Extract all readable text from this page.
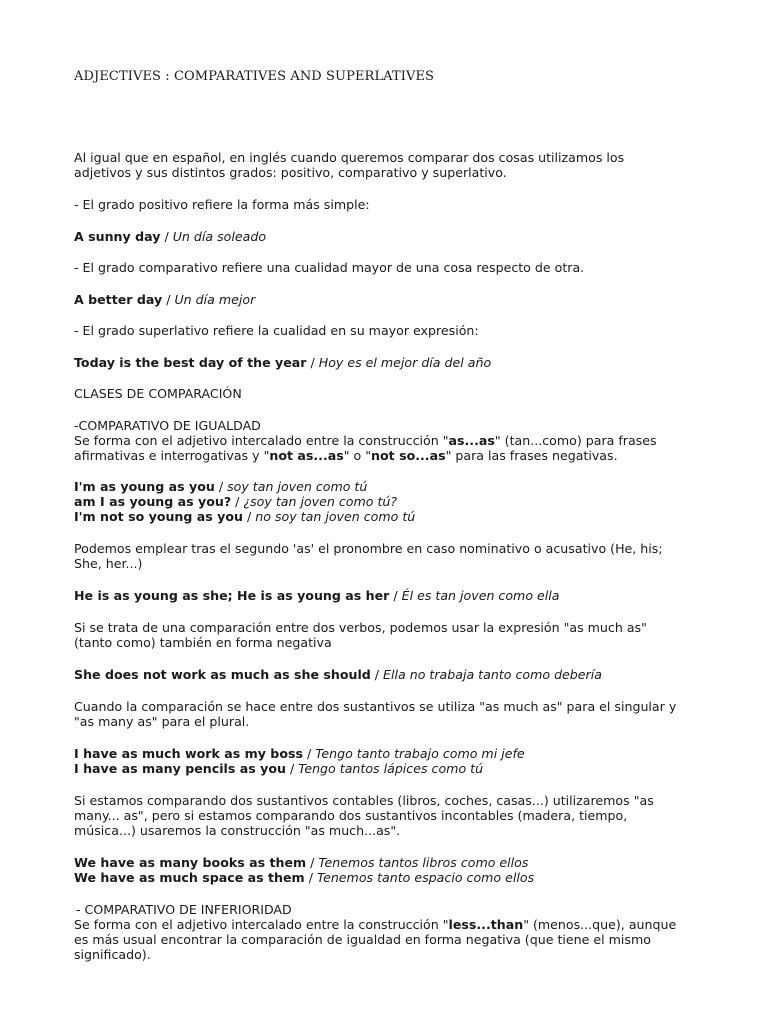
ADJECTIVES : COMPARATIVES AND SUPERLATIVES

Al igual que en español, en inglés cuando queremos comparar dos cosas utilizamos los

adjetivos y sus distintos grados: positivo, comparativo y superlativo.

- El grado positivo refiere la forma más simple:

A sunny day / Un día soleado

- El grado comparativo refiere una cualidad mayor de una cosa respecto de otra.

A better day / Un día mejor

- El grado superlativo refiere la cualidad en su mayor expresión:

Today is the best day of the year / Hoy es el mejor día del año

CLASES DE COMPARACIÓN

-COMPARATIVO DE IGUALDAD

Se forma con el adjetivo intercalado entre la construcción "as...as" (tan...como) para frases

afirmativas e interrogativas y "not as...as" o "not so...as" para las frases negativas.

I'm as young as you / soy tan joven como tú

am I as young as you? / ¿soy tan joven como tú?

I'm not so young as you / no soy tan joven como tú

Podemos emplear tras el segundo 'as' el pronombre en caso nominativo o acusativo (He, his;

She, her...)

He is as young as she; He is as young as her / Él es tan joven como ella

Si se trata de una comparación entre dos verbos, podemos usar la expresión "as much as"

(tanto como) también en forma negativa

She does not work as much as she should / Ella no trabaja tanto como debería

Cuando la comparación se hace entre dos sustantivos se utiliza "as much as" para el singular y

"as many as" para el plural.

I have as much work as my boss / Tengo tanto trabajo como mi jefe

I have as many pencils as you / Tengo tantos lápices como tú

Si estamos comparando dos sustantivos contables (libros, coches, casas...) utilizaremos "as

many... as", pero si estamos comparando dos sustantivos incontables (madera, tiempo,

música...) usaremos la construcción "as much...as".

We have as many books as them / Tenemos tantos libros como ellos

We have as much space as them / Tenemos tanto espacio como ellos

- COMPARATIVO DE INFERIORIDAD

Se forma con el adjetivo intercalado entre la construcción "less...than" (menos...que), aunque

es más usual encontrar la comparación de igualdad en forma negativa (que tiene el mismo

significado).
